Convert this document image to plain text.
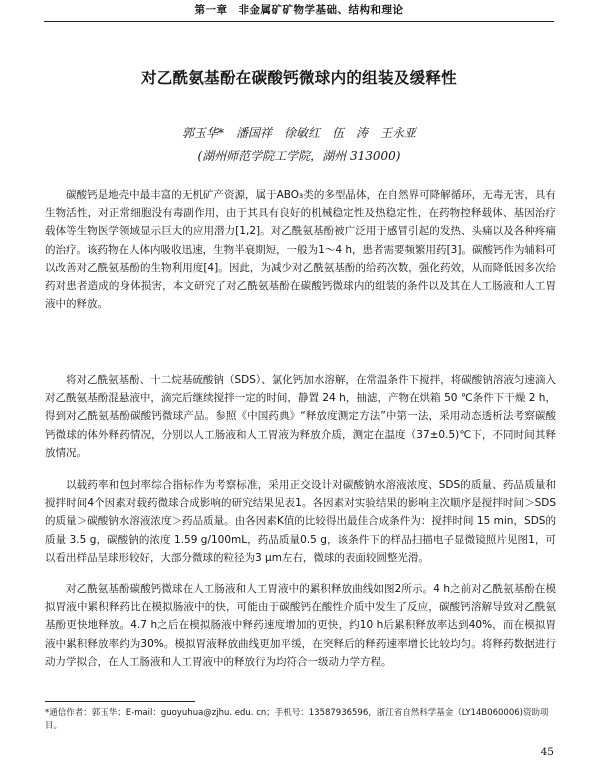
第一章　非金属矿矿物学基础、结构和理论
对乙酰氨基酚在碳酸钙微球内的组装及缓释性
郭玉华*　潘国祥　徐敏红　伍　涛　王永亚
(湖州师范学院工学院，湖州 313000)

碳酸钙是地壳中最丰富的无机矿产资源，属于ABO₃类的多型晶体，在自然界可降解循环，无毒无害，具有生物活性，对正常细胞没有毒副作用，由于其具有良好的机械稳定性及热稳定性，在药物控释载体、基因治疗载体等生物医学领域显示巨大的应用潜力[1,2]。对乙酰氨基酚被广泛用于感冒引起的发热、头痛以及各种疼痛的治疗。该药物在人体内吸收迅速，生物半衰期短，一般为1～4 h，患者需要频繁用药[3]。碳酸钙作为辅料可以改善对乙酰氨基酚的生物利用度[4]。因此，为减少对乙酰氨基酚的给药次数，强化药效，从而降低因多次给药对患者造成的身体损害，本文研究了对乙酰氨基酚在碳酸钙微球内的组装的条件以及其在人工肠液和人工胃液中的释放。

将对乙酰氨基酚、十二烷基硫酸钠（SDS）、氯化钙加水溶解，在常温条件下搅拌，将碳酸钠溶液匀速滴入对乙酰氨基酚混悬液中，滴完后继续搅拌一定的时间，静置 24 h，抽滤，产物在烘箱 50 ℃条件下干燥 2 h，得到对乙酰氨基酚碳酸钙微球产品。参照《中国药典》“释放度测定方法”中第一法，采用动态透析法考察碳酸钙微球的体外释药情况，分别以人工肠液和人工胃液为释放介质，测定在温度（37±0.5)℃下，不同时间其释放情况。

以载药率和包封率综合指标作为考察标准，采用正交设计对碳酸钠水溶液浓度、SDS的质量、药品质量和搅拌时间4个因素对载药微球合成影响的研究结果见表1。各因素对实验结果的影响主次顺序是搅拌时间＞SDS的质量＞碳酸钠水溶液浓度＞药品质量。由各因素K值的比较得出最佳合成条件为：搅拌时间 15 min，SDS的质量 3.5 g，碳酸钠的浓度 1.59 g/100mL，药品质量0.5 g，该条件下的样品扫描电子显微镜照片见图1，可以看出样品呈球形较好，大部分微球的粒径为3 μm左右，微球的表面较圆整光滑。

对乙酰氨基酚碳酸钙微球在人工肠液和人工胃液中的累积释放曲线如图2所示。4 h之前对乙酰氨基酚在模拟胃液中累积释药比在模拟肠液中的快，可能由于碳酸钙在酸性介质中发生了反应，碳酸钙溶解导致对乙酰氨基酚更快地释放。4.7 h之后在模拟肠液中释药速度增加的更快，约10 h后累积释放率达到40%，而在模拟胃液中累积释放率约为30%。模拟胃液释放曲线更加平缓，在突释后的释药速率增长比较均匀。将释药数据进行动力学拟合，在人工肠液和人工胃液中的释放行为均符合一级动力学方程。

*通信作者：郭玉华；E-mail：guoyuhua@zjhu. edu. cn；手机号：13587936596，浙江省自然科学基金（LY14B060006)资助项目。
45
